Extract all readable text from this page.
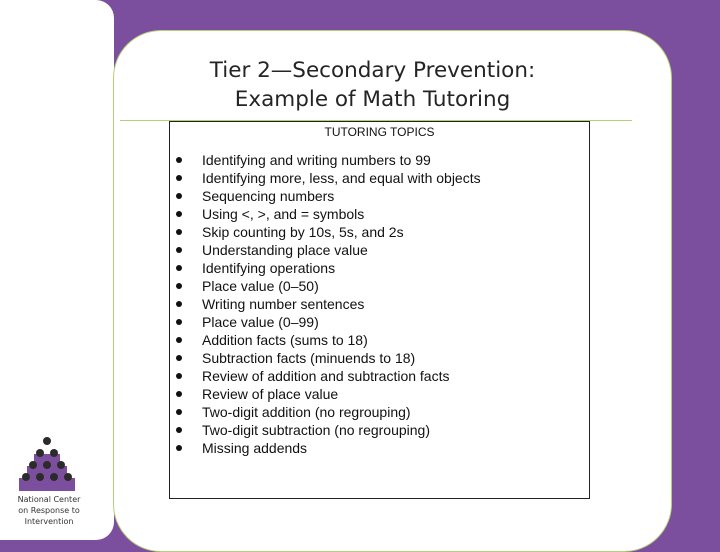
Tier 2—Secondary Prevention:
Example of Math Tutoring
TUTORING TOPICS
Identifying and writing numbers to 99
Identifying more, less, and equal with objects
Sequencing numbers
Using <, >, and = symbols
Skip counting by 10s, 5s, and 2s
Understanding place value
Identifying operations
Place value (0–50)
Writing number sentences
Place value (0–99)
Addition facts (sums to 18)
Subtraction facts (minuends to 18)
Review of addition and subtraction facts
Review of place value
Two-digit addition (no regrouping)
Two-digit subtraction (no regrouping)
Missing addends
National Center
on Response to
Intervention
